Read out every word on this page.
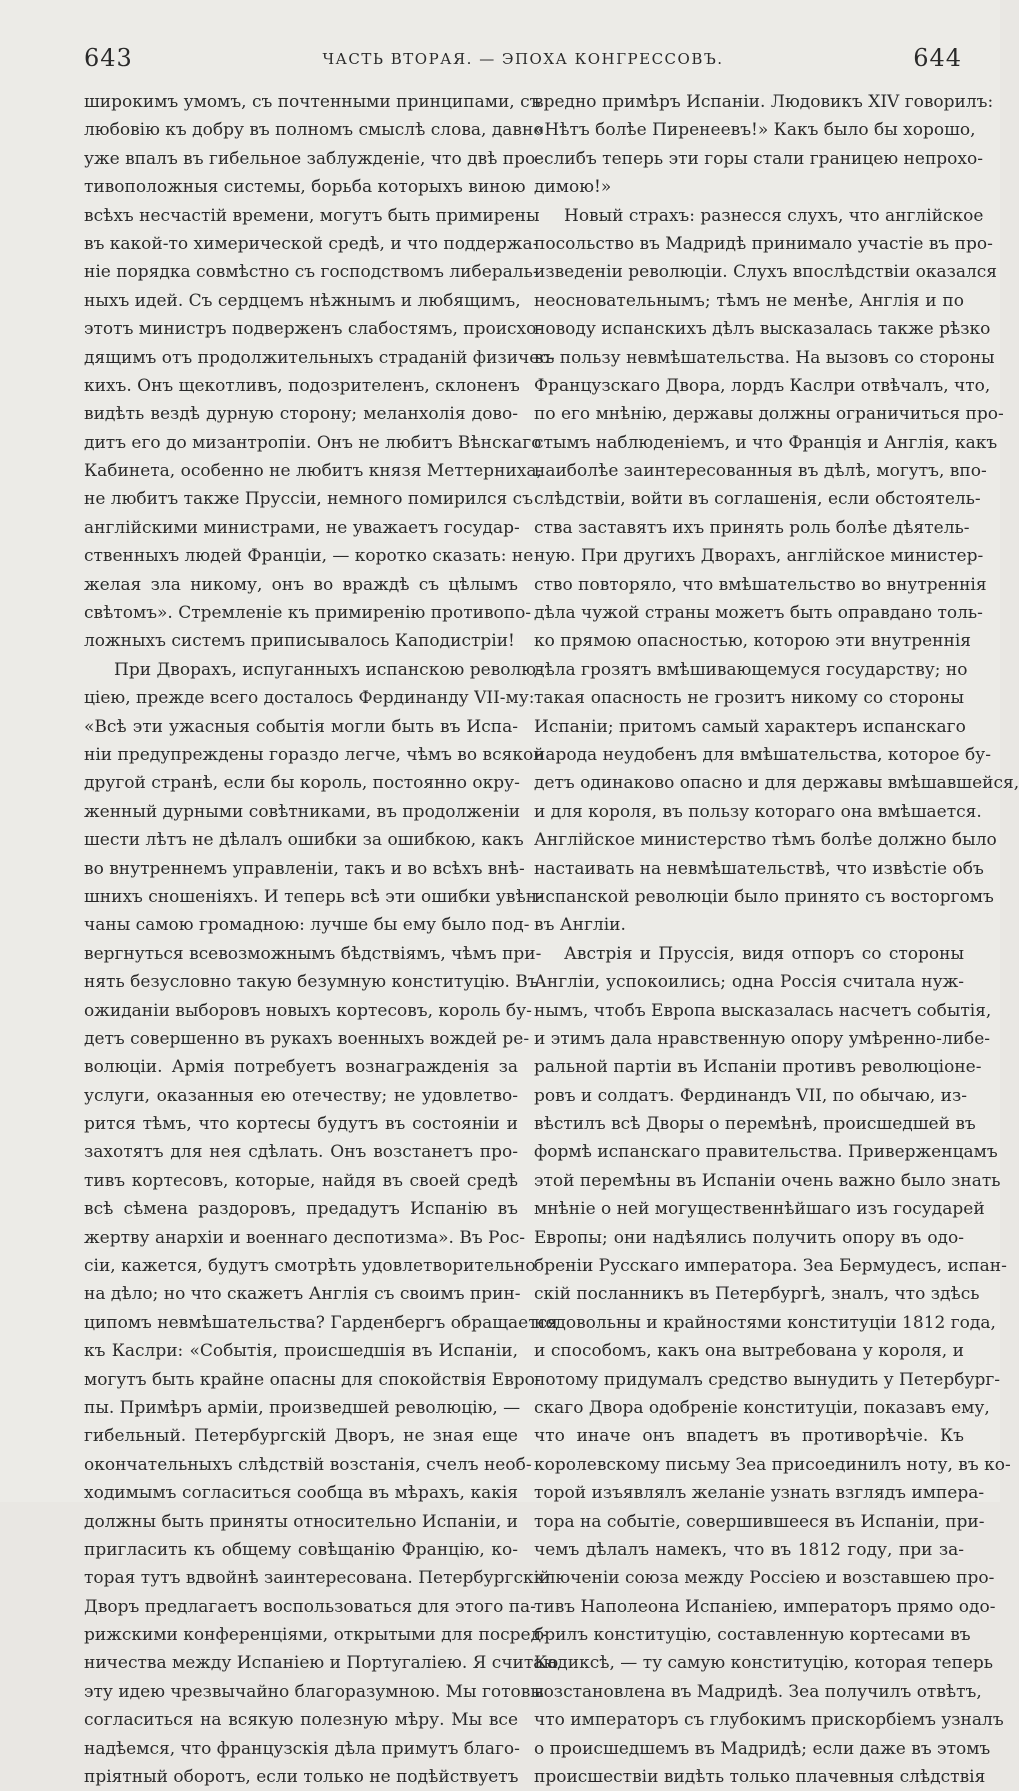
643	ЧАСТЬ ВТОРАЯ. — ЭПОХА КОНГРЕССОВЪ.	644
широкимъ умомъ, съ почтенными принципами, съ
любовію къ добру въ полномъ смыслѣ слова, давно
уже впалъ въ гибельное заблужденіе, что двѣ про-
тивоположныя системы, борьба которыхъ виною
всѣхъ несчастій времени, могутъ быть примирены
въ какой-то химерической средѣ, и что поддержа-
ніе порядка совмѣстно съ господствомъ либераль-
ныхъ идей. Съ сердцемъ нѣжнымъ и любящимъ,
этотъ министръ подверженъ слабостямъ, происхо-
дящимъ отъ продолжительныхъ страданій физичес-
кихъ. Онъ щекотливъ, подозрителенъ, склоненъ
видѣть вездѣ дурную сторону; меланхолія дово-
дитъ его до мизантропіи. Онъ не любитъ Вѣнскаго
Кабинета, особенно не любитъ князя Меттерниха,
не любитъ также Пруссіи, немного помирился съ
англійскими министрами, не уважаетъ государ-
ственныхъ людей Франціи, — коротко сказать: не
желая зла никому, онъ во враждѣ съ цѣлымъ
свѣтомъ». Стремленіе къ примиренію противопо-
ложныхъ системъ приписывалось Каподистріи!
При Дворахъ, испуганныхъ испанскою револю-
ціею, прежде всего досталось Фердинанду VII-му:
«Всѣ эти ужасныя событія могли быть въ Испа-
ніи предупреждены гораздо легче, чѣмъ во всякой
другой странѣ, если бы король, постоянно окру-
женный дурными совѣтниками, въ продолженіи
шести лѣтъ не дѣлалъ ошибки за ошибкою, какъ
во внутреннемъ управленіи, такъ и во всѣхъ внѣ-
шнихъ сношеніяхъ. И теперь всѣ эти ошибки увѣн-
чаны самою громадною: лучше бы ему было под-
вергнуться всевозможнымъ бѣдствіямъ, чѣмъ при-
нять безусловно такую безумную конституцію. Въ
ожиданіи выборовъ новыхъ кортесовъ, король бу-
детъ совершенно въ рукахъ военныхъ вождей ре-
волюціи. Армія потребуетъ вознагражденія за
услуги, оказанныя ею отечеству; не удовлетво-
рится тѣмъ, что кортесы будутъ въ состояніи и
захотятъ для нея сдѣлать. Онъ возстанетъ про-
тивъ кортесовъ, которые, найдя въ своей средѣ
всѣ сѣмена раздоровъ, предадутъ Испанію въ
жертву анархіи и военнаго деспотизма». Въ Рос-
сіи, кажется, будутъ смотрѣть удовлетворительно
на дѣло; но что скажетъ Англія съ своимъ прин-
ципомъ невмѣшательства? Гарденбергъ обращается
къ Каслри: «Событія, происшедшія въ Испаніи,
могутъ быть крайне опасны для спокойствія Евро-
пы. Примѣръ арміи, произведшей революцію, —
гибельный. Петербургскій Дворъ, не зная еще
окончательныхъ слѣдствій возстанія, счелъ необ-
ходимымъ согласиться сообща въ мѣрахъ, какія
должны быть приняты относительно Испаніи, и
пригласить къ общему совѣщанію Францію, ко-
торая тутъ вдвойнѣ заинтересована. Петербургскій
Дворъ предлагаетъ воспользоваться для этого па-
рижскими конференціями, открытыми для посред-
ничества между Испаніею и Португаліею. Я считаю
эту идею чрезвычайно благоразумною. Мы готовы
согласиться на всякую полезную мѣру. Мы все
надѣемся, что французскія дѣла примутъ благо-
пріятный оборотъ, если только не подѣйствуетъ
вредно примѣръ Испаніи. Людовикъ XIV говорилъ:
«Нѣтъ болѣе Пиренеевъ!» Какъ было бы хорошо,
еслибъ теперь эти горы стали границею непрохо-
димою!»
Новый страхъ: разнесся слухъ, что англійское
посольство въ Мадридѣ принимало участіе въ про-
изведеніи революціи. Слухъ впослѣдствіи оказался
неосновательнымъ; тѣмъ не менѣе, Англія и по
поводу испанскихъ дѣлъ высказалась также рѣзко
въ пользу невмѣшательства. На вызовъ со стороны
Французскаго Двора, лордъ Каслри отвѣчалъ, что,
по его мнѣнію, державы должны ограничиться про-
стымъ наблюденіемъ, и что Франція и Англія, какъ
наиболѣе заинтересованныя въ дѣлѣ, могутъ, впо-
слѣдствіи, войти въ соглашенія, если обстоятель-
ства заставятъ ихъ принять роль болѣе дѣятель-
ную. При другихъ Дворахъ, англійское министер-
ство повторяло, что вмѣшательство во внутреннія
дѣла чужой страны можетъ быть оправдано толь-
ко прямою опасностью, которою эти внутреннія
дѣла грозятъ вмѣшивающемуся государству; но
такая опасность не грозитъ никому со стороны
Испаніи; притомъ самый характеръ испанскаго
народа неудобенъ для вмѣшательства, которое бу-
детъ одинаково опасно и для державы вмѣшавшейся,
и для короля, въ пользу котораго она вмѣшается.
Англійское министерство тѣмъ болѣе должно было
настаивать на невмѣшательствѣ, что извѣстіе объ
испанской революціи было принято съ восторгомъ
въ Англіи.
Австрія и Пруссія, видя отпоръ со стороны
Англіи, успокоились; одна Россія считала нуж-
нымъ, чтобъ Европа высказалась насчетъ событія,
и этимъ дала нравственную опору умѣренно-либе-
ральной партіи въ Испаніи противъ революціоне-
ровъ и солдатъ. Фердинандъ VII, по обычаю, из-
вѣстилъ всѣ Дворы о перемѣнѣ, происшедшей въ
формѣ испанскаго правительства. Приверженцамъ
этой перемѣны въ Испаніи очень важно было знать
мнѣніе о ней могущественнѣйшаго изъ государей
Европы; они надѣялись получить опору въ одо-
бреніи Русскаго императора. Зеа Бермудесъ, испан-
скій посланникъ въ Петербургѣ, зналъ, что здѣсь
недовольны и крайностями конституціи 1812 года,
и способомъ, какъ она вытребована у короля, и
потому придумалъ средство вынудить у Петербург-
скаго Двора одобреніе конституціи, показавъ ему,
что иначе онъ впадетъ въ противорѣчіе. Къ
королевскому письму Зеа присоединилъ ноту, въ ко-
торой изъявлялъ желаніе узнать взглядъ импера-
тора на событіе, совершившееся въ Испаніи, при-
чемъ дѣлалъ намекъ, что въ 1812 году, при за-
ключеніи союза между Россіею и возставшею про-
тивъ Наполеона Испаніею, императоръ прямо одо-
брилъ конституцію, составленную кортесами въ
Кадиксѣ, — ту самую конституцію, которая теперь
возстановлена въ Мадридѣ. Зеа получилъ отвѣтъ,
что императоръ съ глубокимъ прискорбіемъ узналъ
о происшедшемъ въ Мадридѣ; если даже въ этомъ
происшествіи видѣть только плачевныя слѣдствія
